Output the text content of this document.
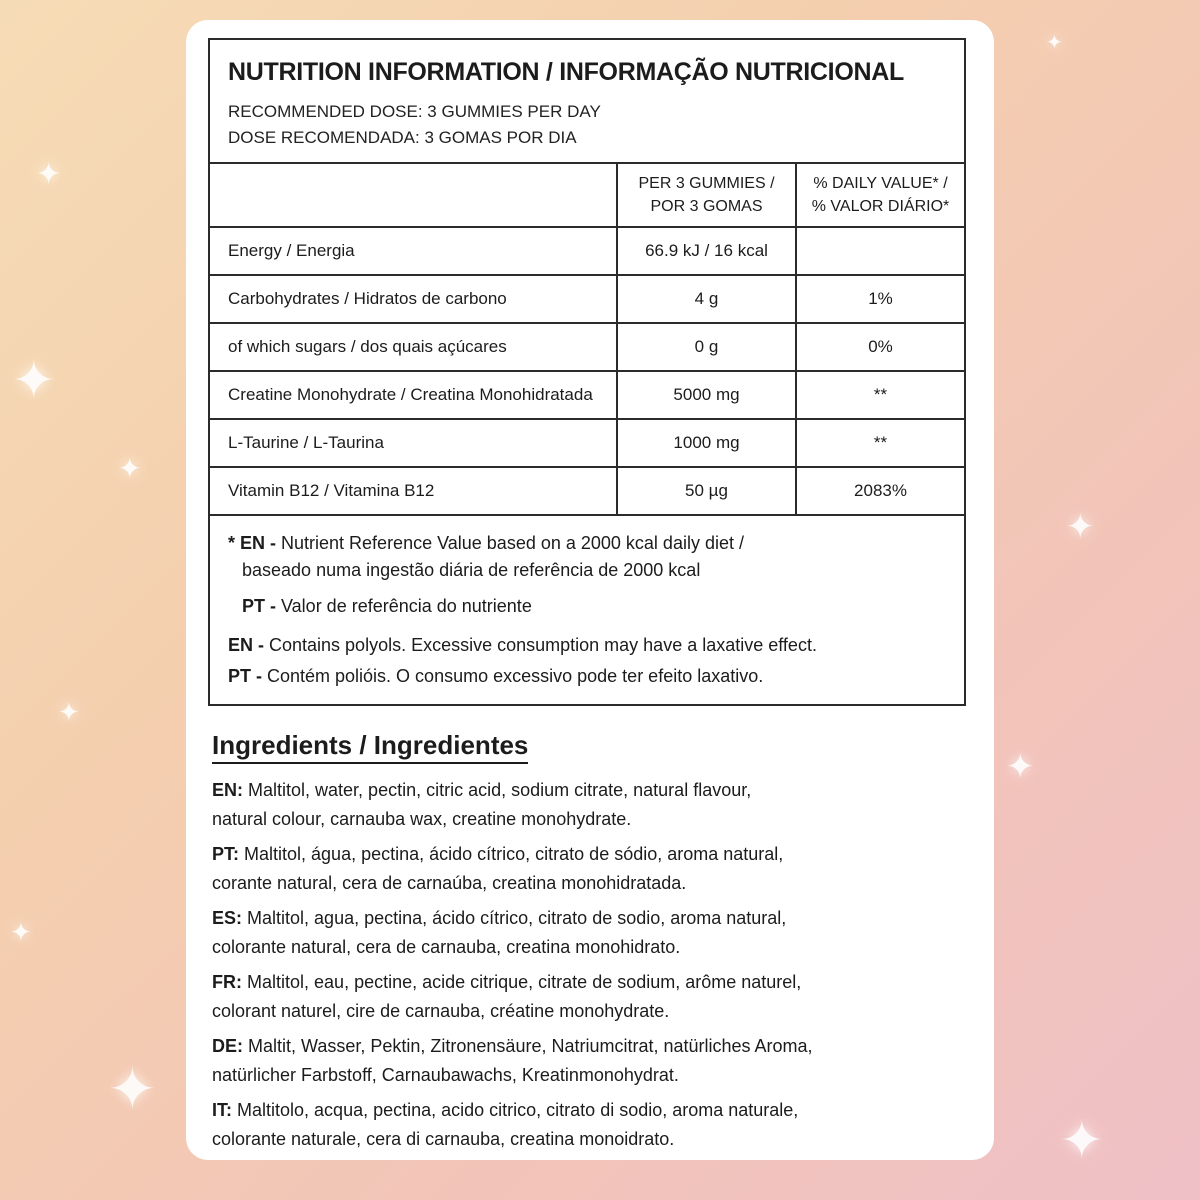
✦
✦
✦
✦
✦
✦
✦
✦
✦
✦
NUTRITION INFORMATION / INFORMAÇÃO NUTRICIONAL
RECOMMENDED DOSE: 3 GUMMIES PER DAY
DOSE RECOMENDADA: 3 GOMAS POR DIA
	PER 3 GUMMIES /
POR 3 GOMAS	% DAILY VALUE* /
% VALOR DIÁRIO*
Energy / Energia	66.9 kJ / 16 kcal	
Carbohydrates / Hidratos de carbono	4 g	1%
of which sugars / dos quais açúcares	0 g	0%
Creatine Monohydrate / Creatina Monohidratada	5000 mg	**
L-Taurine / L-Taurina	1000 mg	**
Vitamin B12 / Vitamina B12	50 µg	2083%

* EN - Nutrient Reference Value based on a 2000 kcal daily diet /

baseado numa ingestão diária de referência de 2000 kcal

PT - Valor de referência do nutriente

EN - Contains polyols. Excessive consumption may have a laxative effect.

PT - Contém polióis. O consumo excessivo pode ter efeito laxativo.

Ingredients / Ingredientes
EN: Maltitol, water, pectin, citric acid, sodium citrate, natural flavour,
natural colour, carnauba wax, creatine monohydrate.
PT: Maltitol, água, pectina, ácido cítrico, citrato de sódio, aroma natural,
corante natural, cera de carnaúba, creatina monohidratada.
ES: Maltitol, agua, pectina, ácido cítrico, citrato de sodio, aroma natural,
colorante natural, cera de carnauba, creatina monohidrato.
FR: Maltitol, eau, pectine, acide citrique, citrate de sodium, arôme naturel,
colorant naturel, cire de carnauba, créatine monohydrate.
DE: Maltit, Wasser, Pektin, Zitronensäure, Natriumcitrat, natürliches Aroma,
natürlicher Farbstoff, Carnaubawachs, Kreatinmonohydrat.
IT: Maltitolo, acqua, pectina, acido citrico, citrato di sodio, aroma naturale,
colorante naturale, cera di carnauba, creatina monoidrato.
